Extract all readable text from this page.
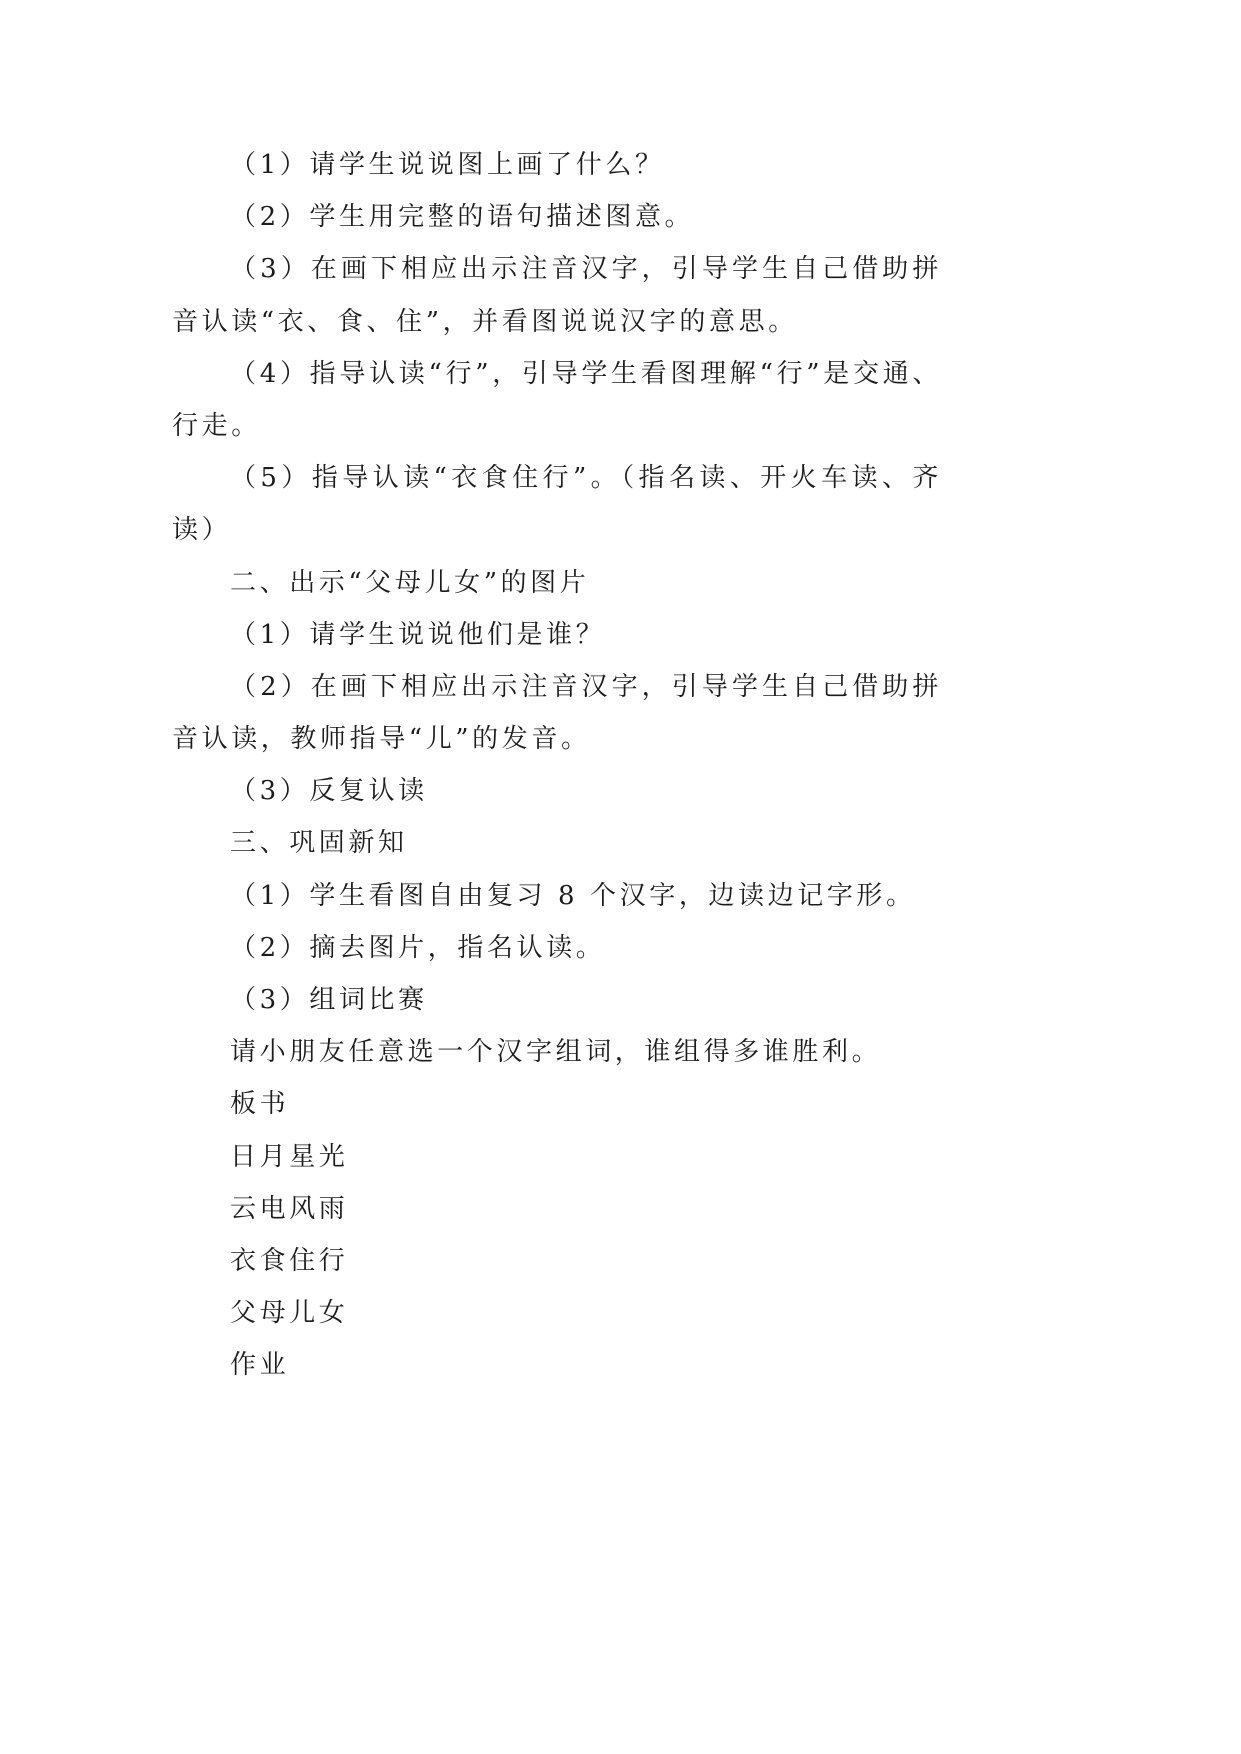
（1）请学生说说图上画了什么？
（2）学生用完整的语句描述图意。
（3）在画下相应出示注音汉字，引导学生自己借助拼
音认读“衣、食、住”，并看图说说汉字的意思。
（4）指导认读“行”，引导学生看图理解“行”是交通、
行走。
（5）指导认读“衣食住行”。（指名读、开火车读、齐
读）
二、出示“父母儿女”的图片
（1）请学生说说他们是谁？
（2）在画下相应出示注音汉字，引导学生自己借助拼
音认读，教师指导“儿”的发音。
（3）反复认读
三、巩固新知
（1）学生看图自由复习 8 个汉字，边读边记字形。
（2）摘去图片，指名认读。
（3）组词比赛
请小朋友任意选一个汉字组词，谁组得多谁胜利。
板书
日月星光
云电风雨
衣食住行
父母儿女
作业
